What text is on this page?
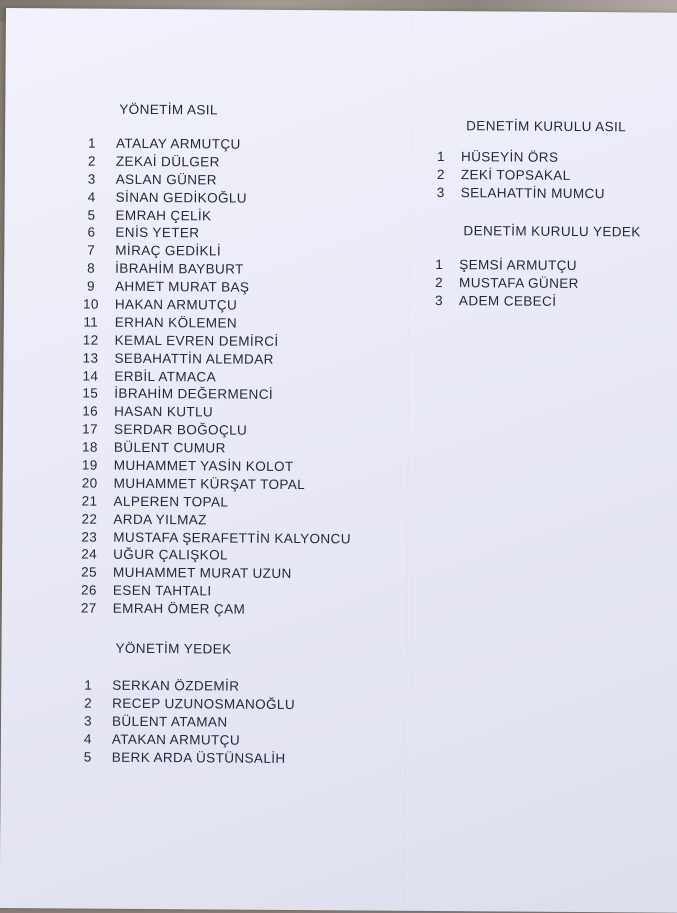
YÖNETİM ASIL
1	ATALAY ARMUTÇU
2	ZEKAİ DÜLGER
3	ASLAN GÜNER
4	SİNAN GEDİKOĞLU
5	EMRAH ÇELİK
6	ENİS YETER
7	MİRAÇ GEDİKLİ
8	İBRAHİM BAYBURT
9	AHMET MURAT BAŞ
10 HAKAN ARMUTÇU
11 ERHAN KÖLEMEN
12 KEMAL EVREN DEMİRCİ
13 SEBAHATTİN ALEMDAR
14 ERBİL ATMACA
15 İBRAHİM DEĞERMENCİ
16 HASAN KUTLU
17 SERDAR BOĞOÇLU
18 BÜLENT CUMUR
19 MUHAMMET YASİN KOLOT
20 MUHAMMET KÜRŞAT TOPAL
21 ALPEREN TOPAL
22 ARDA YILMAZ
23 MUSTAFA ŞERAFETTİN KALYONCU
24 UĞUR ÇALIŞKOL
25 MUHAMMET MURAT UZUN
26 ESEN TAHTALI
27 EMRAH ÖMER ÇAM
YÖNETİM YEDEK
1	SERKAN ÖZDEMİR
2	RECEP UZUNOSMANOĞLU
3	BÜLENT ATAMAN
4	ATAKAN ARMUTÇU
5	BERK ARDA ÜSTÜNSALİH
DENETİM KURULU ASIL
1	HÜSEYİN ÖRS
2	ZEKİ TOPSAKAL
3	SELAHATTİN MUMCU
DENETİM KURULU YEDEK
1	ŞEMSİ ARMUTÇU
2	MUSTAFA GÜNER
3	ADEM CEBECİ
